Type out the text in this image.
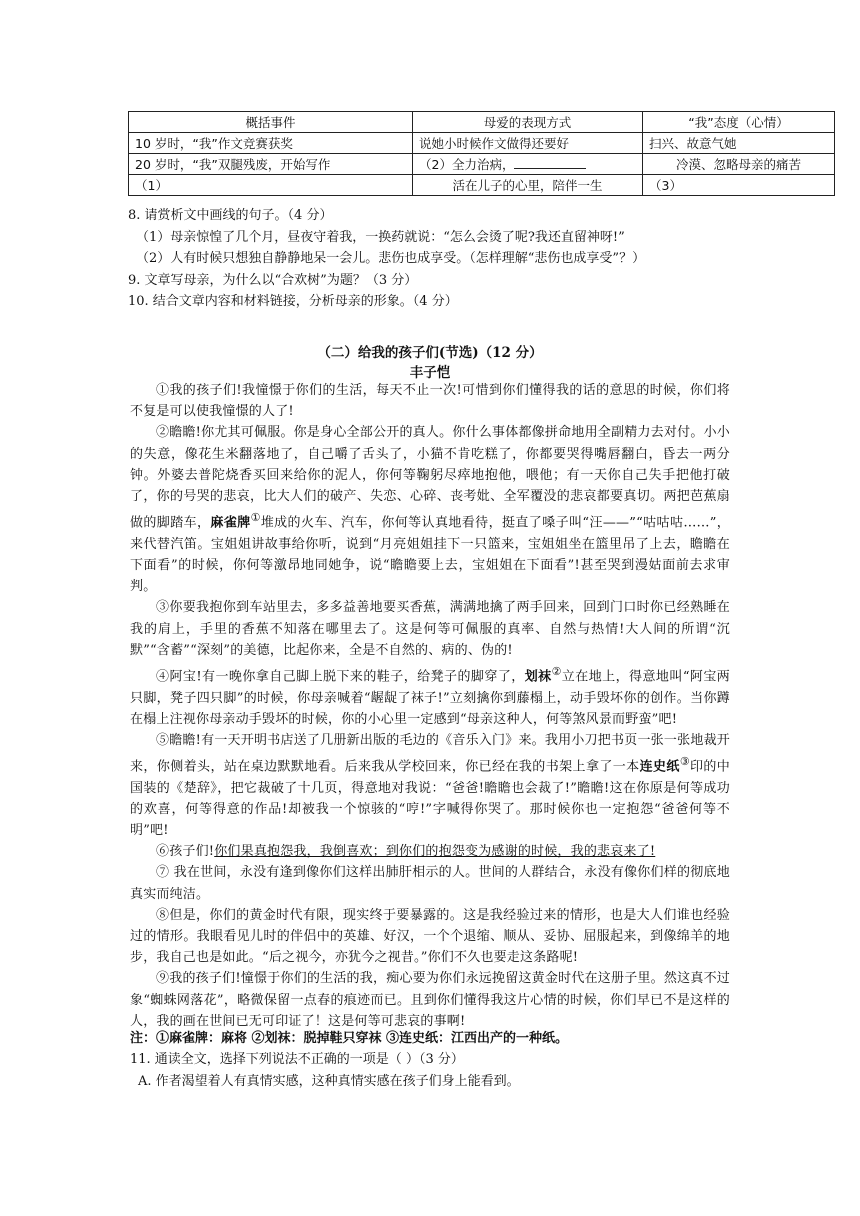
概括事件	母爱的表现方式	“我”态度（心情）
10 岁时，“我”作文竞赛获奖	说她小时候作文做得还要好	扫兴、故意气她
20 岁时，“我”双腿残废，开始写作	（2）全力治病，	冷漠、忽略母亲的痛苦
（1）	活在儿子的心里，陪伴一生	（3）
8. 请赏析文中画线的句子。（4 分）
（1）母亲惊惶了几个月，昼夜守着我，一换药就说：“怎么会烫了呢?我还直留神呀!”
（2）人有时候只想独自静静地呆一会儿。悲伤也成享受。（怎样理解“悲伤也成享受”？）
9. 文章写母亲，为什么以“合欢树”为题？（3 分）
10. 结合文章内容和材料链接，分析母亲的形象。（4 分）
（二）给我的孩子们(节选)（12 分）
丰子恺

①我的孩子们!我憧憬于你们的生活，每天不止一次!可惜到你们懂得我的话的意思的时候，你们将不复是可以使我憧憬的人了!

②瞻瞻!你尤其可佩服。你是身心全部公开的真人。你什么事体都像拼命地用全副精力去对付。小小的失意，像花生米翻落地了，自己嚼了舌头了，小猫不肯吃糕了，你都要哭得嘴唇翻白，昏去一两分钟。外婆去普陀烧香买回来给你的泥人，你何等鞠躬尽瘁地抱他，喂他；有一天你自己失手把他打破了，你的号哭的悲哀，比大人们的破产、失恋、心碎、丧考妣、全军覆没的悲哀都要真切。两把芭蕉扇做的脚踏车，麻雀牌①堆成的火车、汽车，你何等认真地看待，挺直了嗓子叫“汪——”“咕咕咕……”，来代替汽笛。宝姐姐讲故事给你听，说到“月亮姐姐挂下一只篮来，宝姐姐坐在篮里吊了上去，瞻瞻在下面看”的时候，你何等激昂地同她争，说“瞻瞻要上去，宝姐姐在下面看”!甚至哭到漫姑面前去求审判。

③你要我抱你到车站里去，多多益善地要买香蕉，满满地擒了两手回来，回到门口时你已经熟睡在我的肩上，手里的香蕉不知落在哪里去了。这是何等可佩服的真率、自然与热情!大人间的所谓“沉默”“含蓄”“深刻”的美德，比起你来，全是不自然的、病的、伪的!

④阿宝!有一晚你拿自己脚上脱下来的鞋子，给凳子的脚穿了，划袜②立在地上，得意地叫“阿宝两只脚，凳子四只脚”的时候，你母亲喊着“龌龊了袜子!”立刻擒你到藤榻上，动手毁坏你的创作。当你蹲在榻上注视你母亲动手毁坏的时候，你的小心里一定感到“母亲这种人，何等煞风景而野蛮”吧!

⑤瞻瞻!有一天开明书店送了几册新出版的毛边的《音乐入门》来。我用小刀把书页一张一张地裁开来，你侧着头，站在桌边默默地看。后来我从学校回来，你已经在我的书架上拿了一本连史纸③印的中国装的《楚辞》，把它裁破了十几页，得意地对我说：“爸爸!瞻瞻也会裁了!”瞻瞻!这在你原是何等成功的欢喜，何等得意的作品!却被我一个惊骇的“哼!”字喊得你哭了。那时候你也一定抱怨“爸爸何等不明”吧!

⑥孩子们!你们果真抱怨我，我倒喜欢；到你们的抱怨变为感谢的时候，我的悲哀来了!

⑦ 我在世间，永没有逢到像你们这样出肺肝相示的人。世间的人群结合，永没有像你们样的彻底地真实而纯洁。

⑧但是，你们的黄金时代有限，现实终于要暴露的。这是我经验过来的情形，也是大人们谁也经验过的情形。我眼看见儿时的伴侣中的英雄、好汉，一个个退缩、顺从、妥协、屈服起来，到像绵羊的地步，我自己也是如此。“后之视今，亦犹今之视昔。”你们不久也要走这条路呢!

⑨我的孩子们!憧憬于你们的生活的我，痴心要为你们永远挽留这黄金时代在这册子里。然这真不过象“蜘蛛网落花”，略微保留一点春的痕迹而已。且到你们懂得我这片心情的时候，你们早已不是这样的人，我的画在世间已无可印证了！这是何等可悲哀的事啊!

注：①麻雀牌：麻将 ②划袜：脱掉鞋只穿袜 ③连史纸：江西出产的一种纸。
11. 通读全文，选择下列说法不正确的一项是（ ）（3 分）
A. 作者渴望着人有真情实感，这种真情实感在孩子们身上能看到。
